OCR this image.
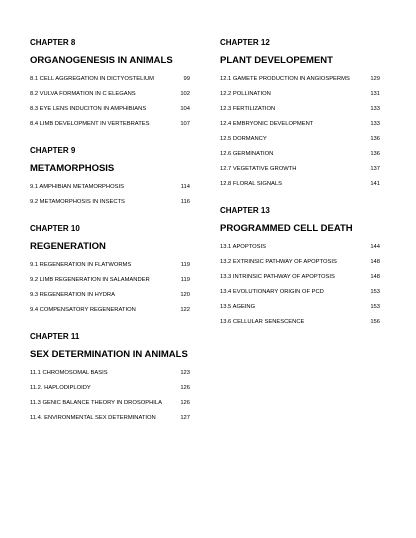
CHAPTER 8
ORGANOGENESIS IN ANIMALS
8.1 CELL AGGREGATION IN DICTYOSTELIUM	99
8.2 VULVA FORMATION IN C ELEGANS	102
8.3 EYE LENS INDUCITON IN AMPHIBIANS	104
8.4 LIMB DEVELOPMENT IN VERTEBRATES	107
CHAPTER 9
METAMORPHOSIS
9.1 AMPHIBIAN METAMORPHOSIS	114
9.2 METAMORPHOSIS IN INSECTS	116
CHAPTER 10
REGENERATION
9.1 REGENERATION IN FLATWORMS	119
9.2 LIMB REGENERATION IN SALAMANDER	119
9.3 REGENERATION IN HYDRA	120
9.4 COMPENSATORY REGENERATION	122
CHAPTER 11
SEX DETERMINATION IN ANIMALS
11.1 CHROMOSOMAL BASIS	123
11.2. HAPLODIPLOIDY	126
11.3 GENIC BALANCE THEORY IN DROSOPHILA	126
11.4. ENVIRONMENTAL SEX DETERMINATION	127
CHAPTER 12
PLANT DEVELOPEMENT
12.1 GAMETE PRODUCTION IN ANGIOSPERMS	129
12.2 POLLINATION	131
12.3 FERTILIZATION	133
12.4 EMBRYONIC DEVELOPMENT	133
12.5 DORMANCY	136
12.6 GERMINATION	136
12.7 VEGETATIVE GROWTH	137
12.8 FLORAL SIGNALS	141
CHAPTER 13
PROGRAMMED CELL DEATH
13.1 APOPTOSIS	144
13.2 EXTRINSIC PATHWAY OF APOPTOSIS	148
13.3 INTRINSIC PATHWAY OF APOPTOSIS	148
13.4 EVOLUTIONARY ORIGIN OF PCD	153
13.5 AGEING	153
13.6 CELLULAR SENESCENCE	156
